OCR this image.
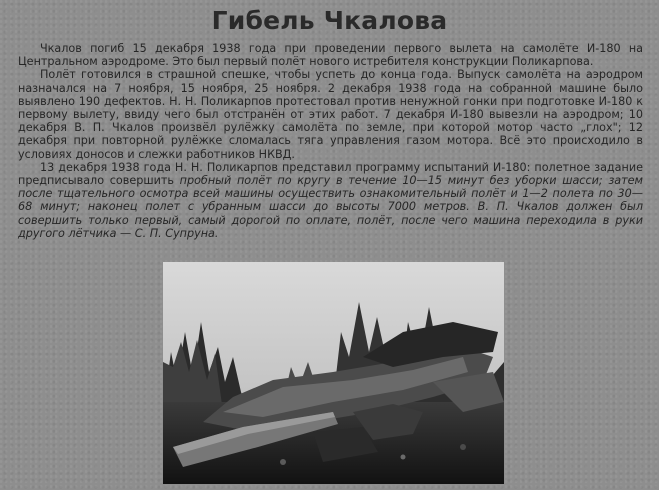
Гибель Чкалова

Чкалов погиб 15 декабря 1938 года при проведении первого вылета на самолёте И-180 на Центральном аэродроме. Это был первый полёт нового истребителя конструкции Поликарпова.

Полёт готовился в страшной спешке, чтобы успеть до конца года. Выпуск самолёта на аэродром назначался на 7 ноября, 15 ноября, 25 ноября. 2 декабря 1938 года на собранной машине было выявлено 190 дефектов. Н. Н. Поликарпов протестовал против ненужной гонки при подготовке И-180 к первому вылету, ввиду чего был отстранён от этих работ. 7 декабря И-180 вывезли на аэродром; 10 декабря В. П. Чкалов произвёл рулёжку самолёта по земле, при которой мотор часто „глох"; 12 декабря при повторной рулёжке сломалась тяга управления газом мотора. Всё это происходило в условиях доносов и слежки работников НКВД.

13 декабря 1938 года Н. Н. Поликарпов представил программу испытаний И-180: полетное задание предписывало совершить пробный полёт по кругу в течение 10—15 минут без уборки шасси; затем после тщательного осмотра всей машины осуществить ознакомительный полёт и 1—2 полета по 30—68 минут; наконец полет с убранным шасси до высоты 7000 метров. В. П. Чкалов должен был совершить только первый, самый дорогой по оплате, полёт, после чего машина переходила в руки другого лётчика — С. П. Супруна.
